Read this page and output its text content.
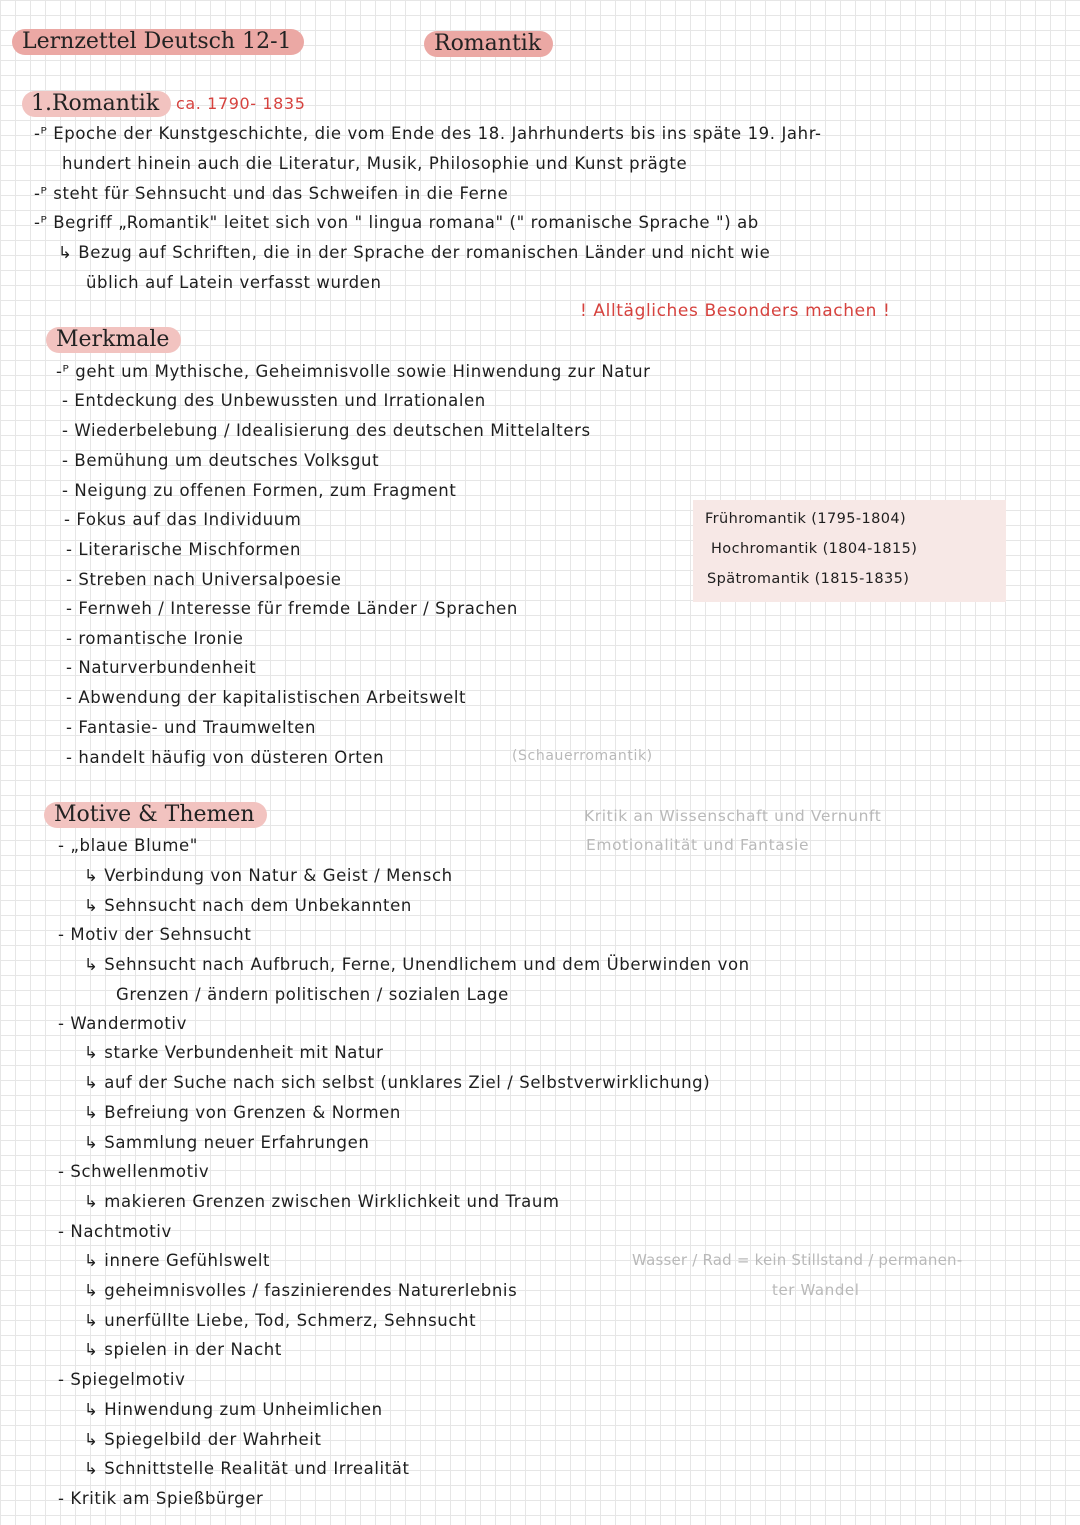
Lernzettel Deutsch 12-1	Romantik
1.Romantik	ca. 1790- 1835
-ᴾ Epoche der Kunstgeschichte, die vom Ende des 18. Jahrhunderts bis ins späte 19. Jahr-
hundert hinein auch die Literatur, Musik, Philosophie und Kunst prägte
-ᴾ steht für Sehnsucht und das Schweifen in die Ferne
-ᴾ Begriff „Romantik" leitet sich von " lingua romana" (" romanische Sprache ") ab
↳ Bezug auf Schriften, die in der Sprache der romanischen Länder und nicht wie
üblich auf Latein verfasst wurden
! Alltägliches Besonders machen !
Merkmale
-ᴾ geht um Mythische, Geheimnisvolle sowie Hinwendung zur Natur
- Entdeckung des Unbewussten und Irrationalen
- Wiederbelebung / Idealisierung des deutschen Mittelalters
- Bemühung um deutsches Volksgut
- Neigung zu offenen Formen, zum Fragment
- Fokus auf das Individuum
- Literarische Mischformen
- Streben nach Universalpoesie
- Fernweh / Interesse für fremde Länder / Sprachen
- romantische Ironie
- Naturverbundenheit
- Abwendung der kapitalistischen Arbeitswelt
- Fantasie- und Traumwelten
- handelt häufig von düsteren Orten	(Schauerromantik)
Frühromantik (1795-1804)
Hochromantik (1804-1815)
Spätromantik (1815-1835)
Motive & Themen	Kritik an Wissenschaft und Vernunft
Emotionalität und Fantasie
- „blaue Blume"
↳ Verbindung von Natur & Geist / Mensch
↳ Sehnsucht nach dem Unbekannten
- Motiv der Sehnsucht
↳ Sehnsucht nach Aufbruch, Ferne, Unendlichem und dem Überwinden von
Grenzen / ändern politischen / sozialen Lage
- Wandermotiv
↳ starke Verbundenheit mit Natur
↳ auf der Suche nach sich selbst (unklares Ziel / Selbstverwirklichung)
↳ Befreiung von Grenzen & Normen
↳ Sammlung neuer Erfahrungen
- Schwellenmotiv
↳ makieren Grenzen zwischen Wirklichkeit und Traum
- Nachtmotiv
↳ innere Gefühlswelt
↳ geheimnisvolles / faszinierendes Naturerlebnis
↳ unerfüllte Liebe, Tod, Schmerz, Sehnsucht
↳ spielen in der Nacht
- Spiegelmotiv
↳ Hinwendung zum Unheimlichen
↳ Spiegelbild der Wahrheit
↳ Schnittstelle Realität und Irrealität
- Kritik am Spießbürger
Wasser / Rad = kein Stillstand / permanen-
ter Wandel
